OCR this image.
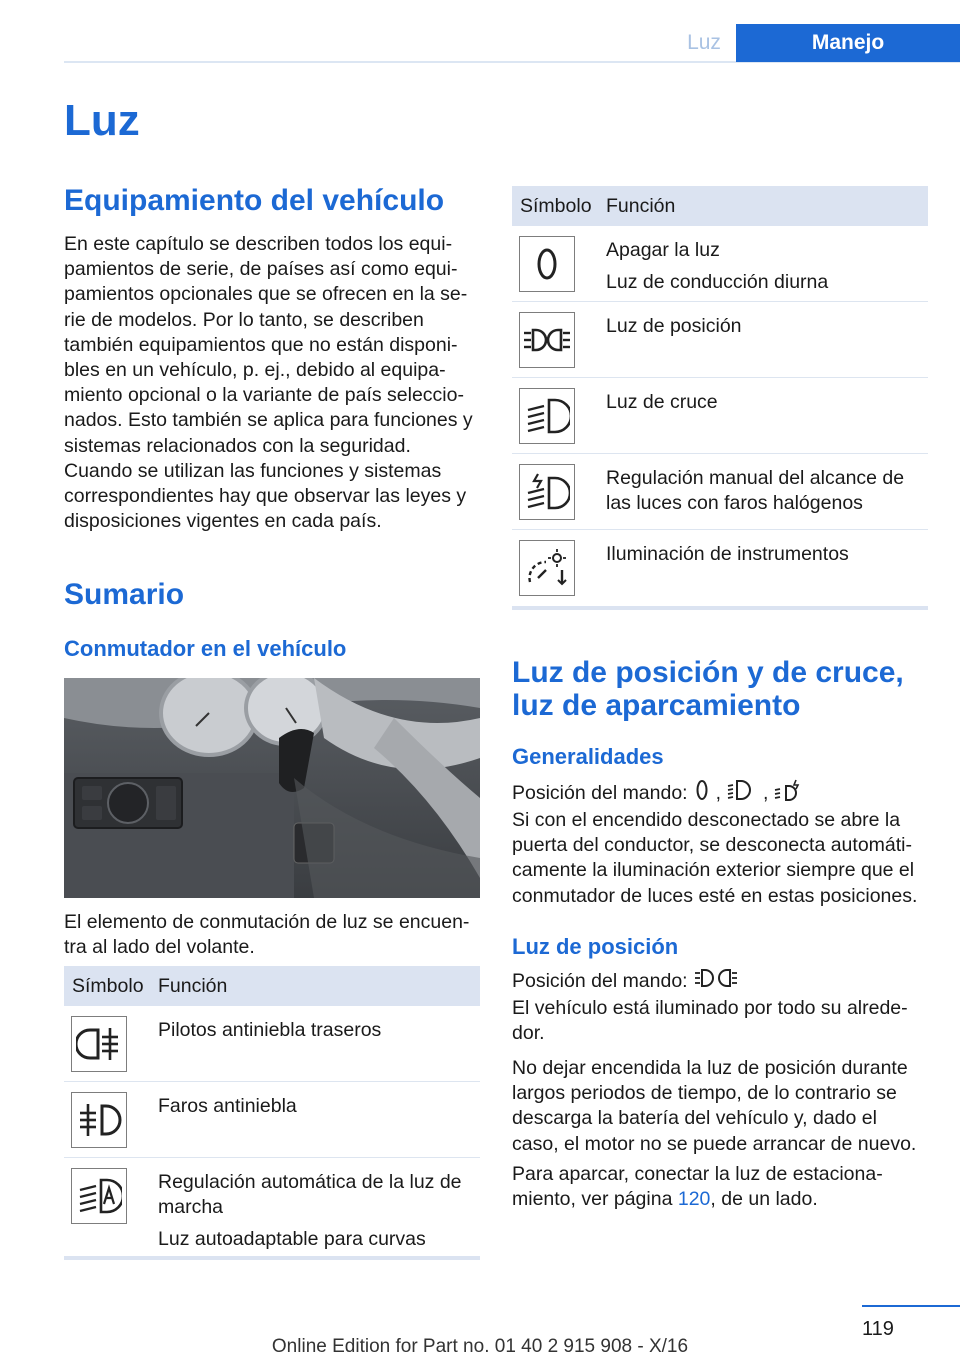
Luz	Manejo
Luz
Equipamiento del vehículo
En este capítulo se describen todos los equi‐
pamientos de serie, de países así como equi‐
pamientos opcionales que se ofrecen en la se‐
rie de modelos. Por lo tanto, se describen
también equipamientos que no están disponi‐
bles en un vehículo, p. ej., debido al equipa‐
miento opcional o la variante de país seleccio‐
nados. Esto también se aplica para funciones y
sistemas relacionados con la seguridad.
Cuando se utilizan las funciones y sistemas
correspondientes hay que observar las leyes y
disposiciones vigentes en cada país.
Sumario
Conmutador en el vehículo
El elemento de conmutación de luz se encuen‐
tra al lado del volante.
Símbolo Función
Pilotos antiniebla traseros
Faros antiniebla
Regulación automática de la luz de marcha
Luz autoadaptable para curvas
Símbolo Función
Apagar la luz
Luz de conducción diurna
Luz de posición
Luz de cruce
Regulación manual del alcance de las luces con faros halógenos
Iluminación de instrumentos
Luz de posición y de cruce,
luz de aparcamiento
Generalidades
Posición del mando: , ,
Si con el encendido desconectado se abre la
puerta del conductor, se desconecta automáti‐
camente la iluminación exterior siempre que el
conmutador de luces esté en estas posiciones.
Luz de posición
Posición del mando:
El vehículo está iluminado por todo su alrede‐
dor.
No dejar encendida la luz de posición durante
largos periodos de tiempo, de lo contrario se
descarga la batería del vehículo y, dado el
caso, el motor no se puede arrancar de nuevo.
Para aparcar, conectar la luz de estaciona‐
miento, ver página 120, de un lado.
119
Online Edition for Part no. 01 40 2 915 908 - X/16
